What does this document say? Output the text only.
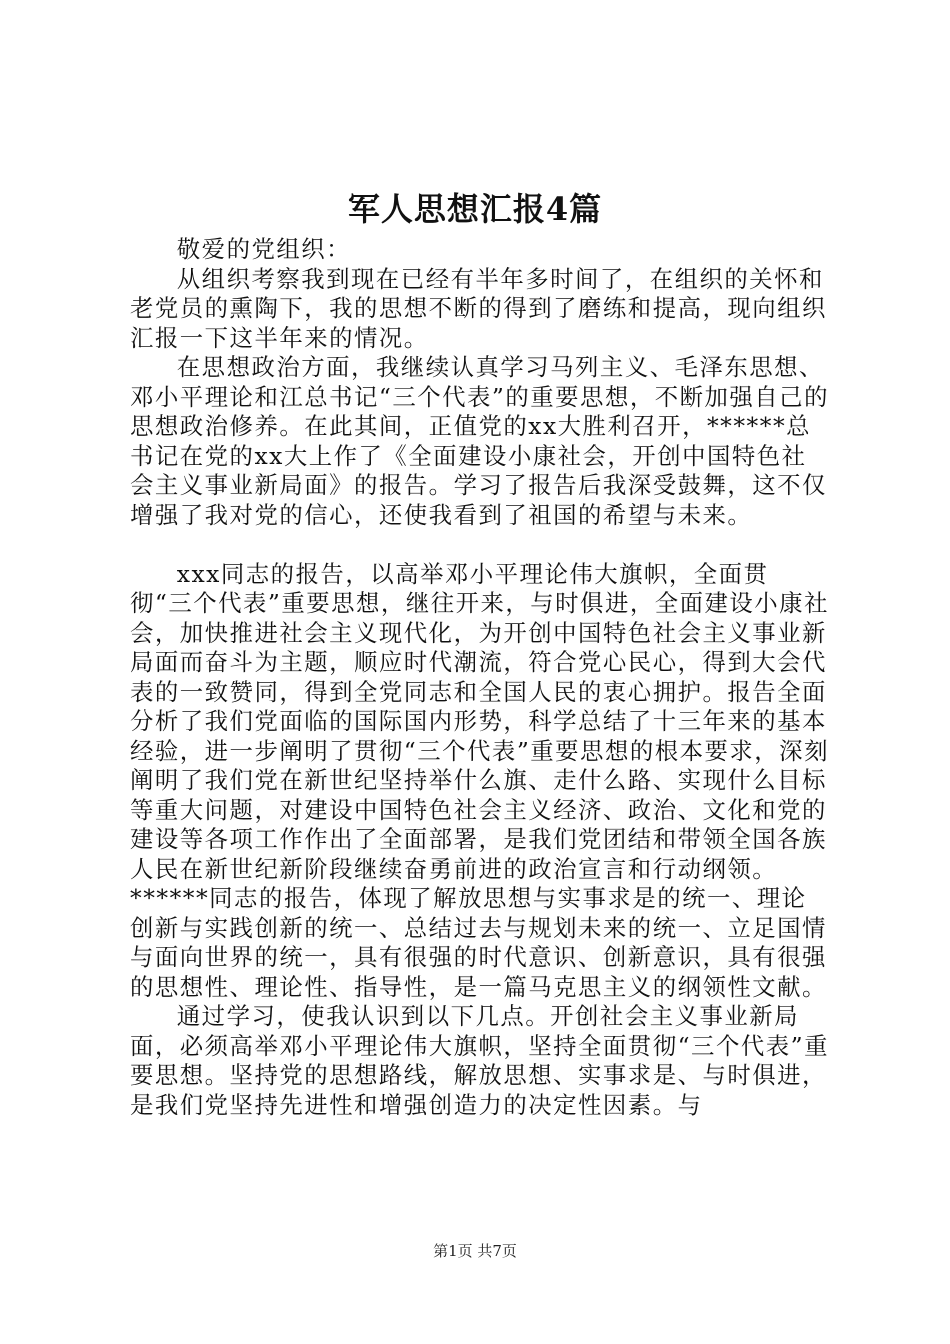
军人思想汇报4篇

敬爱的党组织：

从组织考察我到现在已经有半年多时间了，在组织的关怀和老党员的熏陶下，我的思想不断的得到了磨练和提高，现向组织汇报一下这半年来的情况。

在思想政治方面，我继续认真学习马列主义、毛泽东思想、邓小平理论和江总书记“三个代表”的重要思想，不断加强自己的思想政治修养。在此其间，正值党的xx大胜利召开，******总书记在党的xx大上作了《全面建设小康社会，开创中国特色社会主义事业新局面》的报告。学习了报告后我深受鼓舞，这不仅增强了我对党的信心，还使我看到了祖国的希望与未来。

xxx同志的报告，以高举邓小平理论伟大旗帜，全面贯彻“三个代表”重要思想，继往开来，与时俱进，全面建设小康社会，加快推进社会主义现代化，为开创中国特色社会主义事业新局面而奋斗为主题，顺应时代潮流，符合党心民心，得到大会代表的一致赞同，得到全党同志和全国人民的衷心拥护。报告全面分析了我们党面临的国际国内形势，科学总结了十三年来的基本经验，进一步阐明了贯彻“三个代表”重要思想的根本要求，深刻阐明了我们党在新世纪坚持举什么旗、走什么路、实现什么目标等重大问题，对建设中国特色社会主义经济、政治、文化和党的建设等各项工作作出了全面部署，是我们党团结和带领全国各族人民在新世纪新阶段继续奋勇前进的政治宣言和行动纲领。******同志的报告，体现了解放思想与实事求是的统一、理论创新与实践创新的统一、总结过去与规划未来的统一、立足国情与面向世界的统一，具有很强的时代意识、创新意识，具有很强的思想性、理论性、指导性，是一篇马克思主义的纲领性文献。

通过学习，使我认识到以下几点。开创社会主义事业新局面，必须高举邓小平理论伟大旗帜，坚持全面贯彻“三个代表”重要思想。坚持党的思想路线，解放思想、实事求是、与时俱进，是我们党坚持先进性和增强创造力的决定性因素。与

第1页 共7页
